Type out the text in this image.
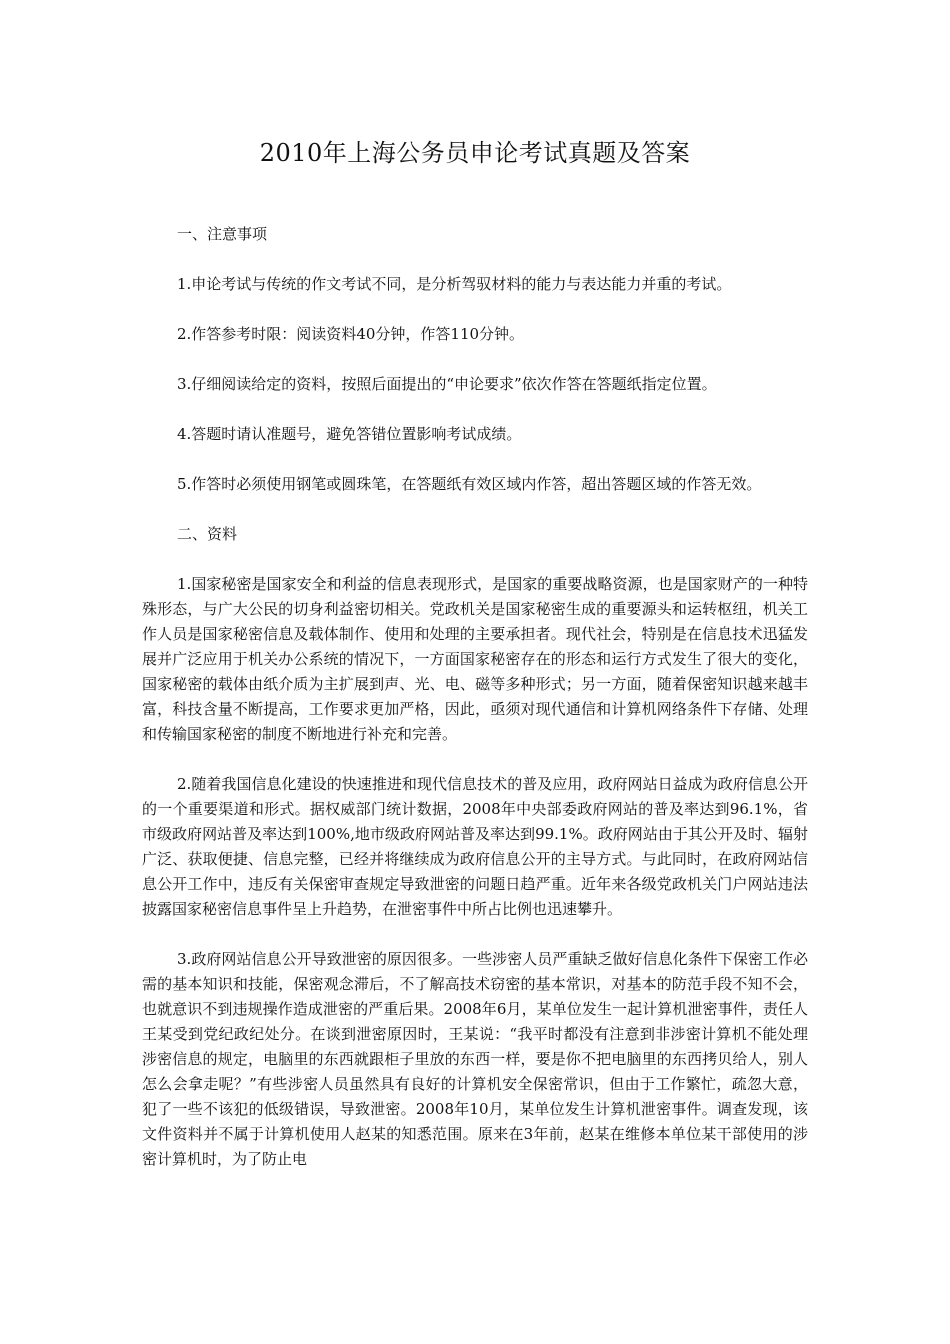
2010年上海公务员申论考试真题及答案

一、注意事项

1.申论考试与传统的作文考试不同，是分析驾驭材料的能力与表达能力并重的考试。

2.作答参考时限：阅读资料40分钟，作答110分钟。

3.仔细阅读给定的资料，按照后面提出的“申论要求”依次作答在答题纸指定位置。

4.答题时请认准题号，避免答错位置影响考试成绩。

5.作答时必须使用钢笔或圆珠笔，在答题纸有效区域内作答，超出答题区域的作答无效。

二、资料

1.国家秘密是国家安全和利益的信息表现形式，是国家的重要战略资源，也是国家财产的一种特殊形态，与广大公民的切身利益密切相关。党政机关是国家秘密生成的重要源头和运转枢纽，机关工作人员是国家秘密信息及载体制作、使用和处理的主要承担者。现代社会，特别是在信息技术迅猛发展并广泛应用于机关办公系统的情况下，一方面国家秘密存在的形态和运行方式发生了很大的变化，国家秘密的载体由纸介质为主扩展到声、光、电、磁等多种形式；另一方面，随着保密知识越来越丰富，科技含量不断提高，工作要求更加严格，因此，亟须对现代通信和计算机网络条件下存储、处理和传输国家秘密的制度不断地进行补充和完善。

2.随着我国信息化建设的快速推进和现代信息技术的普及应用，政府网站日益成为政府信息公开的一个重要渠道和形式。据权威部门统计数据，2008年中央部委政府网站的普及率达到96.1%，省市级政府网站普及率达到100%,地市级政府网站普及率达到99.1%。政府网站由于其公开及时、辐射广泛、获取便捷、信息完整，已经并将继续成为政府信息公开的主导方式。与此同时，在政府网站信息公开工作中，违反有关保密审查规定导致泄密的问题日趋严重。近年来各级党政机关门户网站违法披露国家秘密信息事件呈上升趋势，在泄密事件中所占比例也迅速攀升。

3.政府网站信息公开导致泄密的原因很多。一些涉密人员严重缺乏做好信息化条件下保密工作必需的基本知识和技能，保密观念滞后，不了解高技术窃密的基本常识，对基本的防范手段不知不会，也就意识不到违规操作造成泄密的严重后果。2008年6月，某单位发生一起计算机泄密事件，责任人王某受到党纪政纪处分。在谈到泄密原因时，王某说：“我平时都没有注意到非涉密计算机不能处理涉密信息的规定，电脑里的东西就跟柜子里放的东西一样，要是你不把电脑里的东西拷贝给人，别人怎么会拿走呢？”有些涉密人员虽然具有良好的计算机安全保密常识，但由于工作繁忙，疏忽大意，犯了一些不该犯的低级错误，导致泄密。2008年10月，某单位发生计算机泄密事件。调查发现，该文件资料并不属于计算机使用人赵某的知悉范围。原来在3年前，赵某在维修本单位某干部使用的涉密计算机时，为了防止电
